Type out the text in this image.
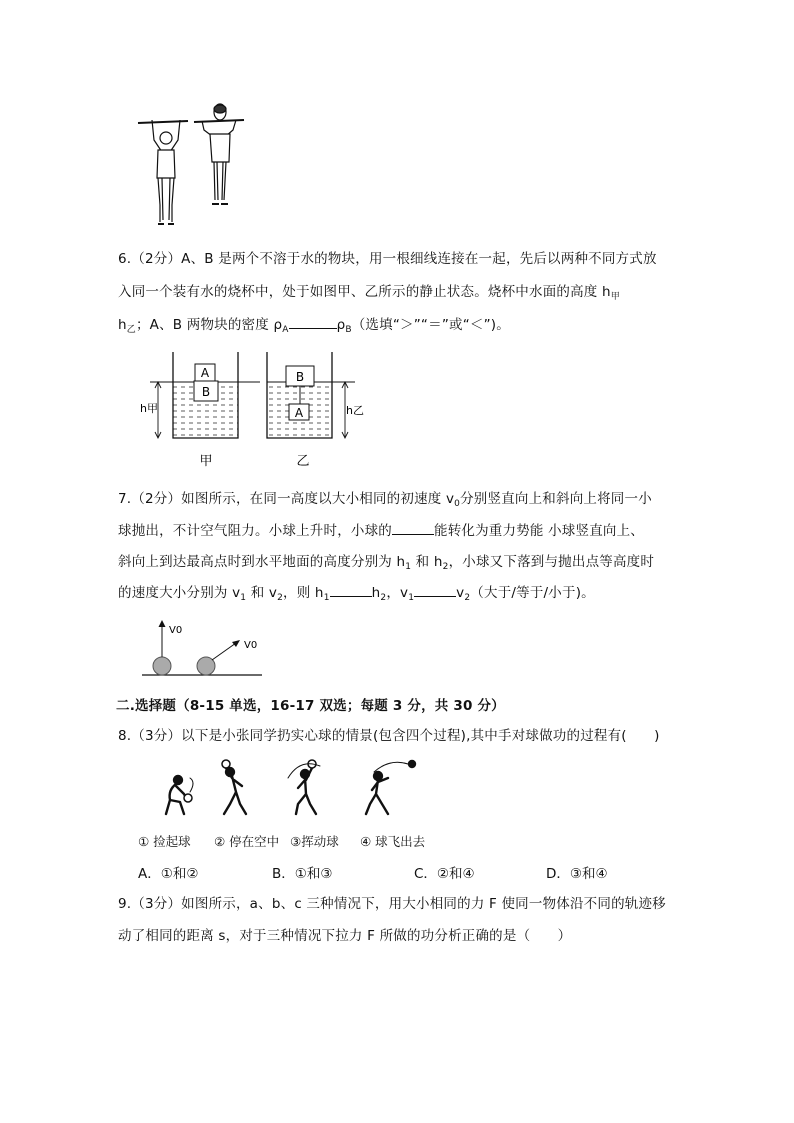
6.（2分）A、B 是两个不溶于水的物块，用一根细线连接在一起，先后以两种不同方式放
入同一个装有水的烧杯中，处于如图甲、乙所示的静止状态。烧杯中水面的高度 $h_甲$
$h_乙$；A、B 两物块的密度 $\rho_A$	$\rho_B$（选填“＞”“＝”或“＜”)。
A
B
h甲
甲
B
A	h乙
乙
7.（2分）如图所示，在同一高度以大小相同的初速度 $v_0$分别竖直向上和斜向上将同一小
球抛出，不计空气阻力。小球上升时，小球的	能转化为重力势能 小球竖直向上、
斜向上到达最高点时到水平地面的高度分别为 $h_1$ 和 $h_2$，小球又下落到与抛出点等高度时
的速度大小分别为 $v_1$ 和 $v_2$，则 $h_1$	$h_2$，$v_1$	$v_2$（大于/等于/小于)。
V0
V0
二.选择题（8-15 单选，16-17 双选；每题 3 分，共 30 分）
8.（3分）以下是小张同学扔实心球的情景(包含四个过程),其中手对球做功的过程有(　　)
① 捡起球 ② 停在空中 ③挥动球 ④ 球飞出去
A．①和②	B．①和③	C．②和④	D．③和④
9.（3分）如图所示，a、b、c 三种情况下，用大小相同的力 F 使同一物体沿不同的轨迹移
动了相同的距离 s，对于三种情况下拉力 F 所做的功分析正确的是（　　）
